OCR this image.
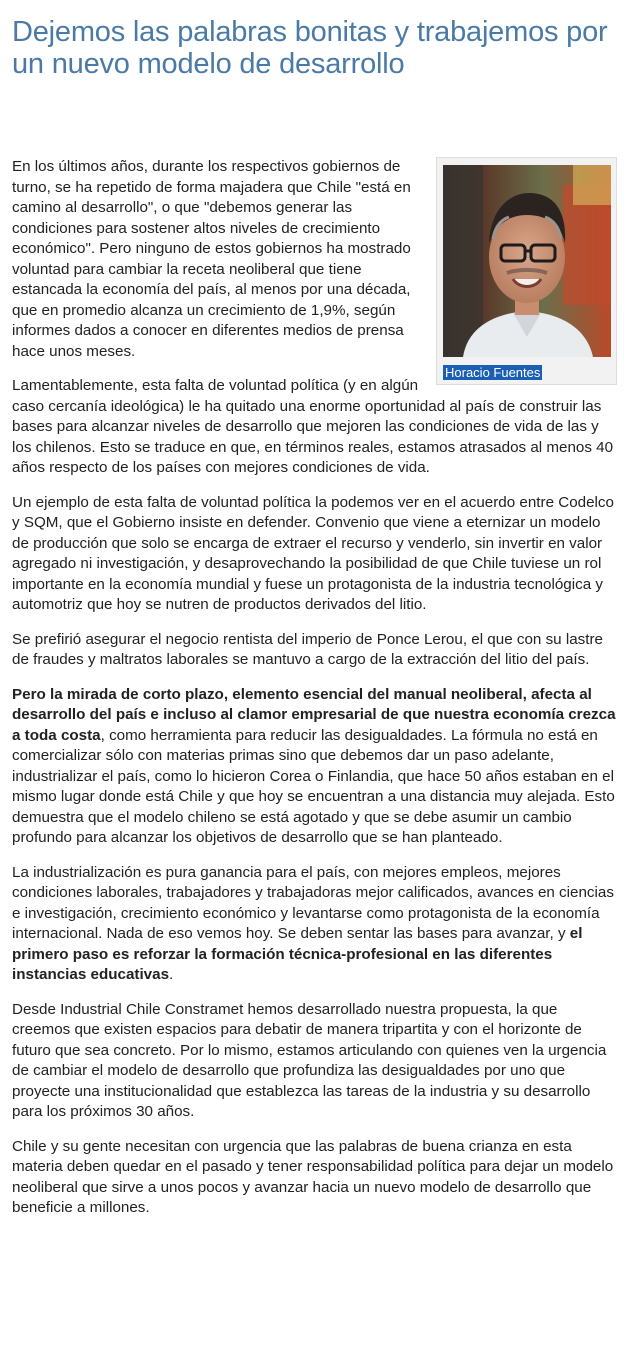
Dejemos las palabras bonitas y trabajemos por un nuevo modelo de desarrollo
Horacio Fuentes

En los últimos años, durante los respectivos gobiernos de turno, se ha repetido de forma majadera que Chile "está en camino al desarrollo", o que "debemos generar las condiciones para sostener altos niveles de crecimiento económico". Pero ninguno de estos gobiernos ha mostrado voluntad para cambiar la receta neoliberal que tiene estancada la economía del país, al menos por una década, que en promedio alcanza un crecimiento de 1,9%, según informes dados a conocer en diferentes medios de prensa hace unos meses.

Lamentablemente, esta falta de voluntad política (y en algún caso cercanía ideológica) le ha quitado una enorme oportunidad al país de construir las bases para alcanzar niveles de desarrollo que mejoren las condiciones de vida de las y los chilenos. Esto se traduce en que, en términos reales, estamos atrasados al menos 40 años respecto de los países con mejores condiciones de vida.

Un ejemplo de esta falta de voluntad política la podemos ver en el acuerdo entre Codelco y SQM, que el Gobierno insiste en defender. Convenio que viene a eternizar un modelo de producción que solo se encarga de extraer el recurso y venderlo, sin invertir en valor agregado ni investigación, y desaprovechando la posibilidad de que Chile tuviese un rol importante en la economía mundial y fuese un protagonista de la industria tecnológica y automotriz que hoy se nutren de productos derivados del litio.

Se prefirió asegurar el negocio rentista del imperio de Ponce Lerou, el que con su lastre de fraudes y maltratos laborales se mantuvo a cargo de la extracción del litio del país.

Pero la mirada de corto plazo, elemento esencial del manual neoliberal, afecta al desarrollo del país e incluso al clamor empresarial de que nuestra economía crezca a toda costa, como herramienta para reducir las desigualdades. La fórmula no está en comercializar sólo con materias primas sino que debemos dar un paso adelante, industrializar el país, como lo hicieron Corea o Finlandia, que hace 50 años estaban en el mismo lugar donde está Chile y que hoy se encuentran a una distancia muy alejada. Esto demuestra que el modelo chileno se está agotado y que se debe asumir un cambio profundo para alcanzar los objetivos de desarrollo que se han planteado.

La industrialización es pura ganancia para el país, con mejores empleos, mejores condiciones laborales, trabajadores y trabajadoras mejor calificados, avances en ciencias e investigación, crecimiento económico y levantarse como protagonista de la economía internacional. Nada de eso vemos hoy. Se deben sentar las bases para avanzar, y el primero paso es reforzar la formación técnica-profesional en las diferentes instancias educativas.

Desde Industrial Chile Constramet hemos desarrollado nuestra propuesta, la que creemos que existen espacios para debatir de manera tripartita y con el horizonte de futuro que sea concreto. Por lo mismo, estamos articulando con quienes ven la urgencia de cambiar el modelo de desarrollo que profundiza las desigualdades por uno que proyecte una institucionalidad que establezca las tareas de la industria y su desarrollo para los próximos 30 años.

Chile y su gente necesitan con urgencia que las palabras de buena crianza en esta materia deben quedar en el pasado y tener responsabilidad política para dejar un modelo neoliberal que sirve a unos pocos y avanzar hacia un nuevo modelo de desarrollo que beneficie a millones.
